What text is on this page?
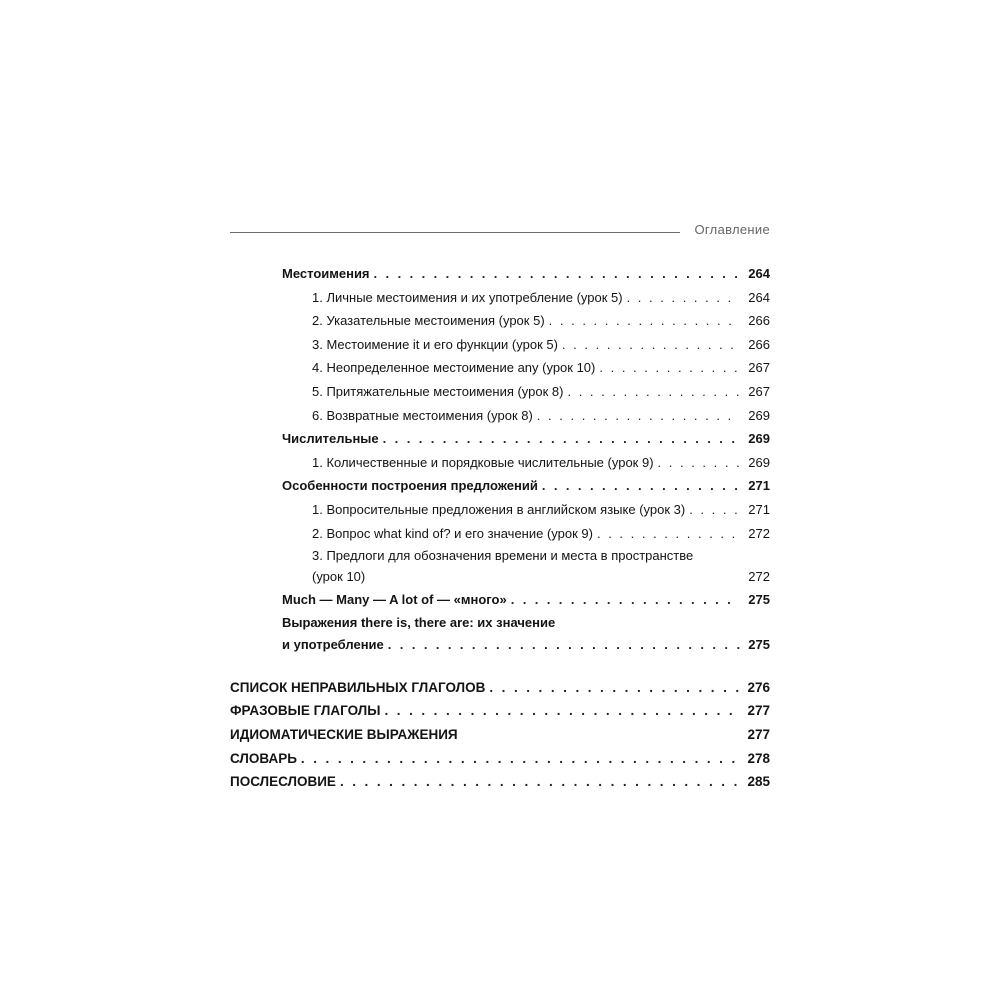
Оглавление
Местоимения . . .	264
1. Личные местоимения и их употребление (урок 5) . . .	264
2. Указательные местоимения (урок 5) . . .	266
3. Местоимение it и его функции (урок 5) . . .	266
4. Неопределенное местоимение any (урок 10) . . .	267
5. Притяжательные местоимения (урок 8) . . .	267
6. Возвратные местоимения (урок 8) . . .	269
Числительные . . .	269
1. Количественные и порядковые числительные (урок 9) . . .	269
Особенности построения предложений . . .	271
1. Вопросительные предложения в английском языке (урок 3) . . .	271
2. Вопрос what kind of? и его значение (урок 9) . . .	272
3. Предлоги для обозначения времени и места в пространстве
(урок 10)	272
Much — Many — A lot of — «много» . . .	275
Выражения there is, there are: их значение
и употребление . . .	275
СПИСОК НЕПРАВИЛЬНЫХ ГЛАГОЛОВ . . .	276
ФРАЗОВЫЕ ГЛАГОЛЫ . . .	277
ИДИОМАТИЧЕСКИЕ ВЫРАЖЕНИЯ	277
СЛОВАРЬ . . .	278
ПОСЛЕСЛОВИЕ . . .	285
